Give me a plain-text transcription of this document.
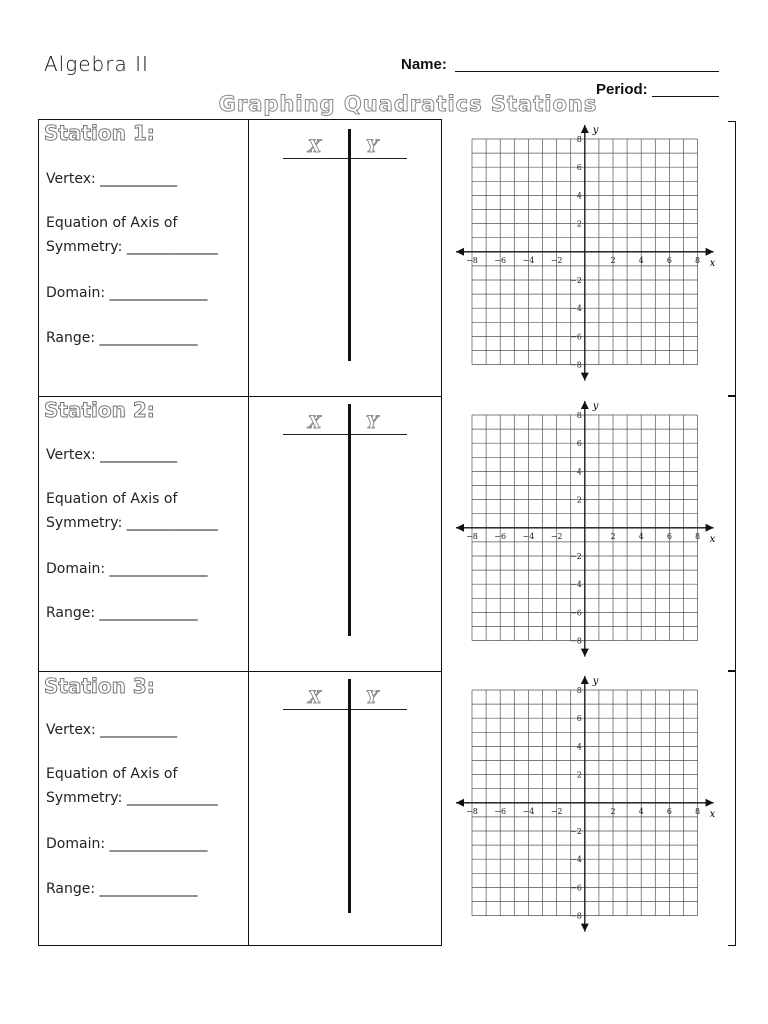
Algebra II	Name:
Period:
Graphing Quadratics Stations
Station 1:
Vertex: ___________
Equation of Axis of
Symmetry: _____________
Domain: ______________
Range: ______________
Station 2:
Vertex: ___________
Equation of Axis of
Symmetry: _____________
Domain: ______________
Range: ______________
Station 3:
Vertex: ___________
Equation of Axis of
Symmetry: _____________
Domain: ______________
Range: ______________
X	Y
X	Y
X	Y
x
y
−8 −6 −4 −2	2	4	6	8
8
6
4
2
−2
−4
−6
−8
x
y
−8 −6 −4 −2	2	4	6	8
8
6
4
2
−2
−4
−6
−8
x
y
−8 −6 −4 −2	2	4	6	8
8
6
4
2
−2
−4
−6
−8
